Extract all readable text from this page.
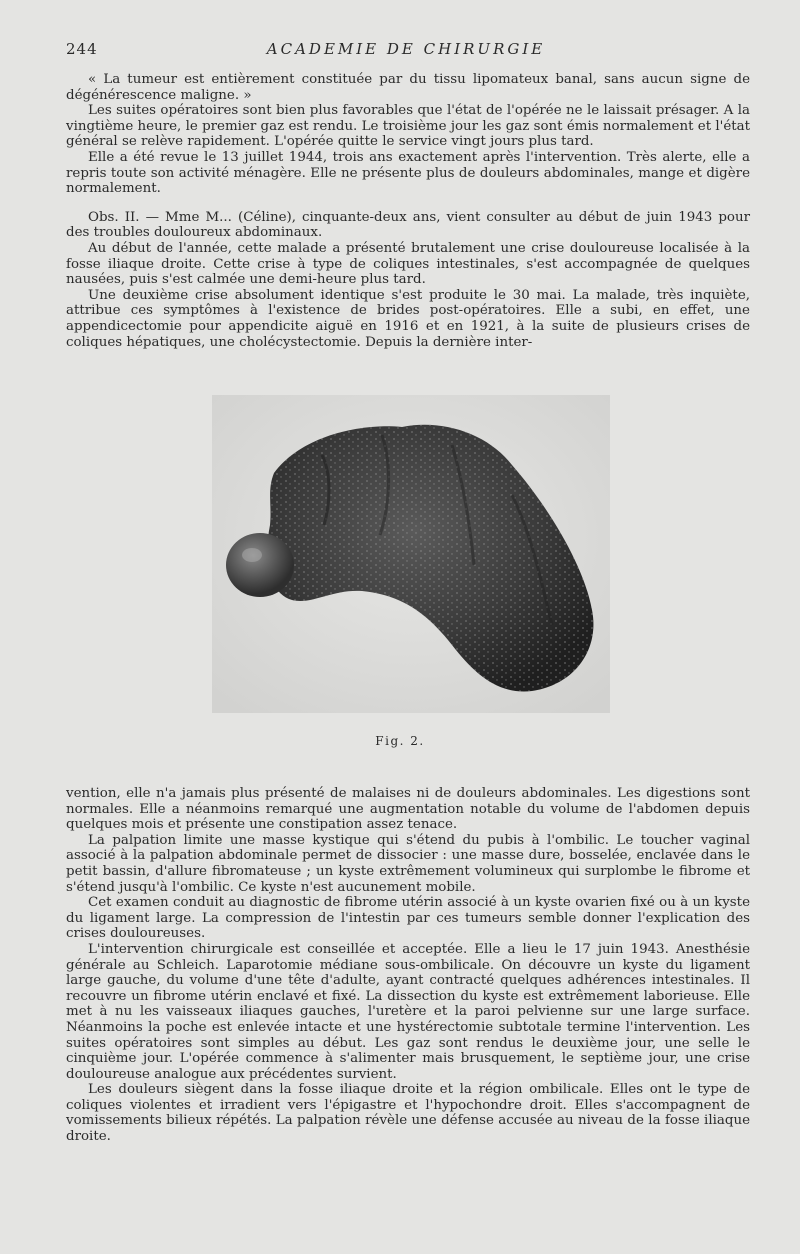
244	ACADEMIE DE CHIRURGIE

« La tumeur est entièrement constituée par du tissu lipomateux banal, sans aucun signe de dégénérescence maligne. »

Les suites opératoires sont bien plus favorables que l'état de l'opérée ne le laissait présager. A la vingtième heure, le premier gaz est rendu. Le troisième jour les gaz sont émis normalement et l'état général se relève rapidement. L'opérée quitte le service vingt jours plus tard.

Elle a été revue le 13 juillet 1944, trois ans exactement après l'intervention. Très alerte, elle a repris toute son activité ménagère. Elle ne présente plus de douleurs abdominales, mange et digère normalement.

Obs. II. — Mme M... (Céline), cinquante-deux ans, vient consulter au début de juin 1943 pour des troubles douloureux abdominaux.

Au début de l'année, cette malade a présenté brutalement une crise douloureuse localisée à la fosse iliaque droite. Cette crise à type de coliques intestinales, s'est accompagnée de quelques nausées, puis s'est calmée une demi-heure plus tard.

Une deuxième crise absolument identique s'est produite le 30 mai. La malade, très inquiète, attribue ces symptômes à l'existence de brides post-opératoires. Elle a subi, en effet, une appendicectomie pour appendicite aiguë en 1916 et en 1921, à la suite de plusieurs crises de coliques hépatiques, une cholécystectomie. Depuis la dernière inter-

Fig. 2.

vention, elle n'a jamais plus présenté de malaises ni de douleurs abdominales. Les digestions sont normales. Elle a néanmoins remarqué une augmentation notable du volume de l'abdomen depuis quelques mois et présente une constipation assez tenace.

La palpation limite une masse kystique qui s'étend du pubis à l'ombilic. Le toucher vaginal associé à la palpation abdominale permet de dissocier : une masse dure, bosselée, enclavée dans le petit bassin, d'allure fibromateuse ; un kyste extrêmement volumineux qui surplombe le fibrome et s'étend jusqu'à l'ombilic. Ce kyste n'est aucunement mobile.

Cet examen conduit au diagnostic de fibrome utérin associé à un kyste ovarien fixé ou à un kyste du ligament large. La compression de l'intestin par ces tumeurs semble donner l'explication des crises douloureuses.

L'intervention chirurgicale est conseillée et acceptée. Elle a lieu le 17 juin 1943. Anesthésie générale au Schleich. Laparotomie médiane sous-ombilicale. On découvre un kyste du ligament large gauche, du volume d'une tête d'adulte, ayant contracté quelques adhérences intestinales. Il recouvre un fibrome utérin enclavé et fixé. La dissection du kyste est extrêmement laborieuse. Elle met à nu les vaisseaux iliaques gauches, l'uretère et la paroi pelvienne sur une large surface. Néanmoins la poche est enlevée intacte et une hystérectomie subtotale termine l'intervention. Les suites opératoires sont simples au début. Les gaz sont rendus le deuxième jour, une selle le cinquième jour. L'opérée commence à s'alimenter mais brusquement, le septième jour, une crise douloureuse analogue aux précédentes survient.

Les douleurs siègent dans la fosse iliaque droite et la région ombilicale. Elles ont le type de coliques violentes et irradient vers l'épigastre et l'hypochondre droit. Elles s'accompagnent de vomissements bilieux répétés. La palpation révèle une défense accusée au niveau de la fosse iliaque droite.
